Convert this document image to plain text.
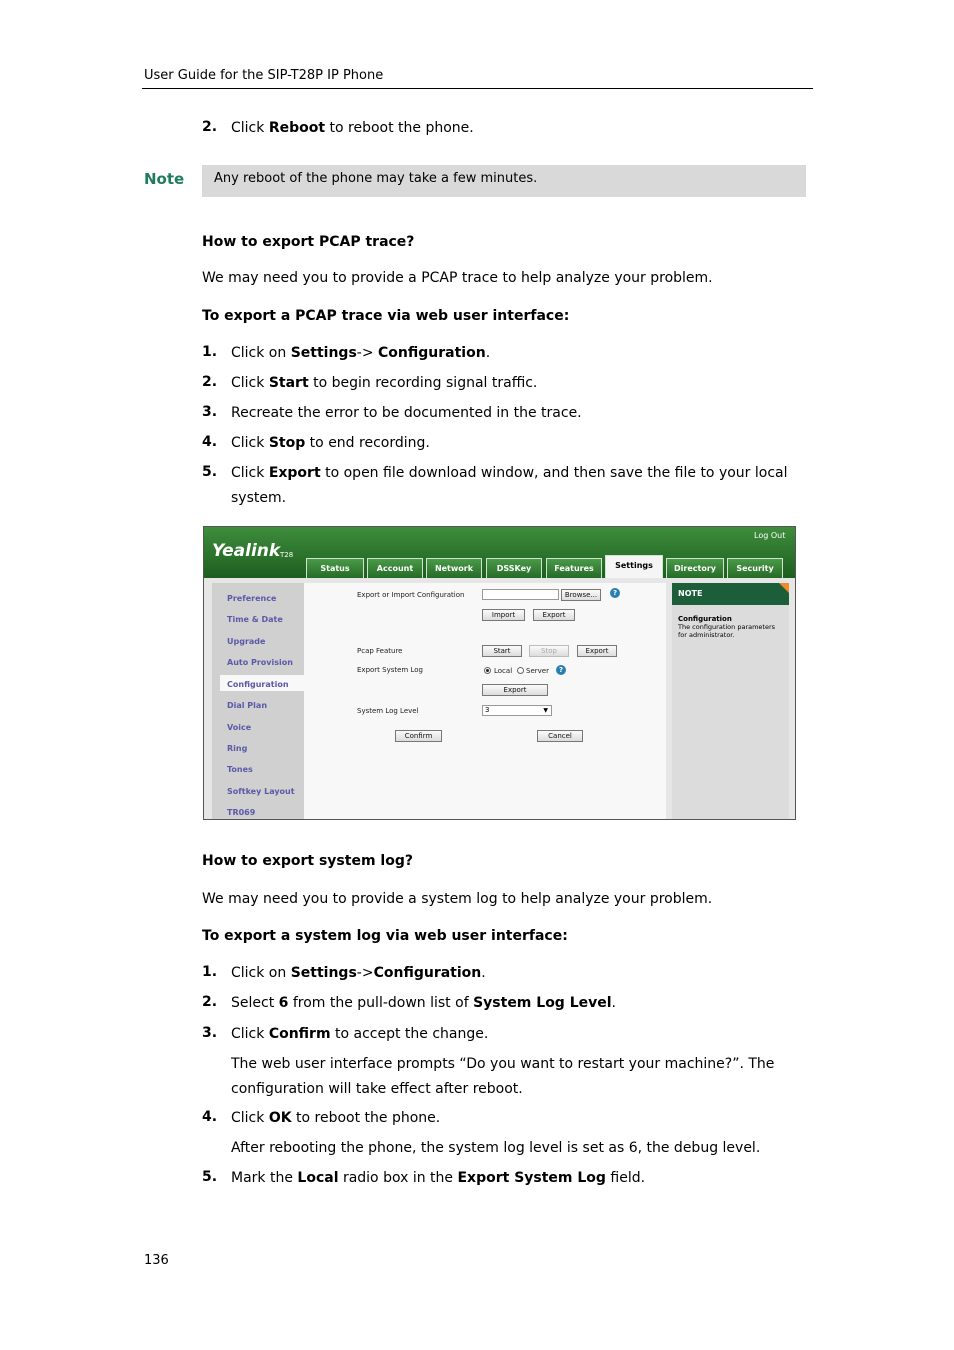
User Guide for the SIP-T28P IP Phone
2. Click Reboot to reboot the phone.
Note Any reboot of the phone may take a few minutes.
How to export PCAP trace?
We may need you to provide a PCAP trace to help analyze your problem.
To export a PCAP trace via web user interface:
1. Click on Settings-> Configuration.
2. Click Start to begin recording signal traffic.
3. Recreate the error to be documented in the trace.
4. Click Stop to end recording.
5. Click Export to open file download window, and then save the file to your local
system.
Yealink T28
Log Out
Status	Account	Network	DSSKey	Features	Settings	Directory	Security
Preference
Time & Date
Upgrade
Auto Provision
Configuration
Dial Plan
Voice
Ring
Tones
Softkey Layout
TR069
Export or Import Configuration	Browse...	?
Import	Export
Pcap Feature	Start	Stop	Export
Export System Log	Local Server	?
Export
System Log Level	3	▼
Confirm	Cancel
NOTE
Configuration
The configuration parameters for administrator.
How to export system log?
We may need you to provide a system log to help analyze your problem.
To export a system log via web user interface:
1. Click on Settings->Configuration.
2. Select 6 from the pull-down list of System Log Level.
3. Click Confirm to accept the change.
The web user interface prompts “Do you want to restart your machine?”. The
configuration will take effect after reboot.
4. Click OK to reboot the phone.
After rebooting the phone, the system log level is set as 6, the debug level.
5. Mark the Local radio box in the Export System Log field.
136
